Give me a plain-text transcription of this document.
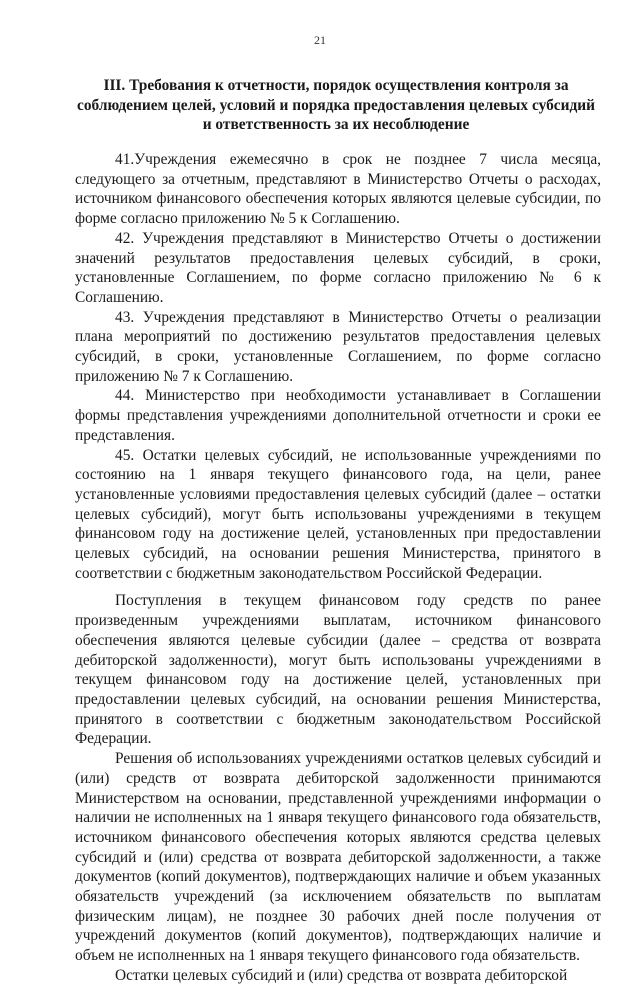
21
III. Требования к отчетности, порядок осуществления контроля за соблюдением целей, условий и порядка предоставления целевых субсидий и ответственность за их несоблюдение

41.Учреждения ежемесячно в срок не позднее 7 числа месяца, следующего за отчетным, представляют в Министерство Отчеты о расходах, источником финансового обеспечения которых являются целевые субсидии, по форме согласно приложению № 5 к Соглашению.

42. Учреждения представляют в Министерство Отчеты о достижении значений результатов предоставления целевых субсидий, в сроки, установленные Соглашением, по форме согласно приложению № 6 к Соглашению.

43. Учреждения представляют в Министерство Отчеты о реализации плана мероприятий по достижению результатов предоставления целевых субсидий, в сроки, установленные Соглашением, по форме согласно приложению № 7 к Соглашению.

44. Министерство при необходимости устанавливает в Соглашении формы представления учреждениями дополнительной отчетности и сроки ее представления.

45. Остатки целевых субсидий, не использованные учреждениями по состоянию на 1 января текущего финансового года, на цели, ранее установленные условиями предоставления целевых субсидий (далее – остатки целевых субсидий), могут быть использованы учреждениями в текущем финансовом году на достижение целей, установленных при предоставлении целевых субсидий, на основании решения Министерства, принятого в соответствии с бюджетным законодательством Российской Федерации.

Поступления в текущем финансовом году средств по ранее произведенным учреждениями выплатам, источником финансового обеспечения являются целевые субсидии (далее – средства от возврата дебиторской задолженности), могут быть использованы учреждениями в текущем финансовом году на достижение целей, установленных при предоставлении целевых субсидий, на основании решения Министерства, принятого в соответствии с бюджетным законодательством Российской Федерации.

Решения об использованиях учреждениями остатков целевых субсидий и (или) средств от возврата дебиторской задолженности принимаются Министерством на основании, представленной учреждениями информации о наличии не исполненных на 1 января текущего финансового года обязательств, источником финансового обеспечения которых являются средства целевых субсидий и (или) средства от возврата дебиторской задолженности, а также документов (копий документов), подтверждающих наличие и объем указанных обязательств учреждений (за исключением обязательств по выплатам физическим лицам), не позднее 30 рабочих дней после получения от учреждений документов (копий документов), подтверждающих наличие и объем не исполненных на 1 января текущего финансового года обязательств.

Остатки целевых субсидий и (или) средства от возврата дебиторской
